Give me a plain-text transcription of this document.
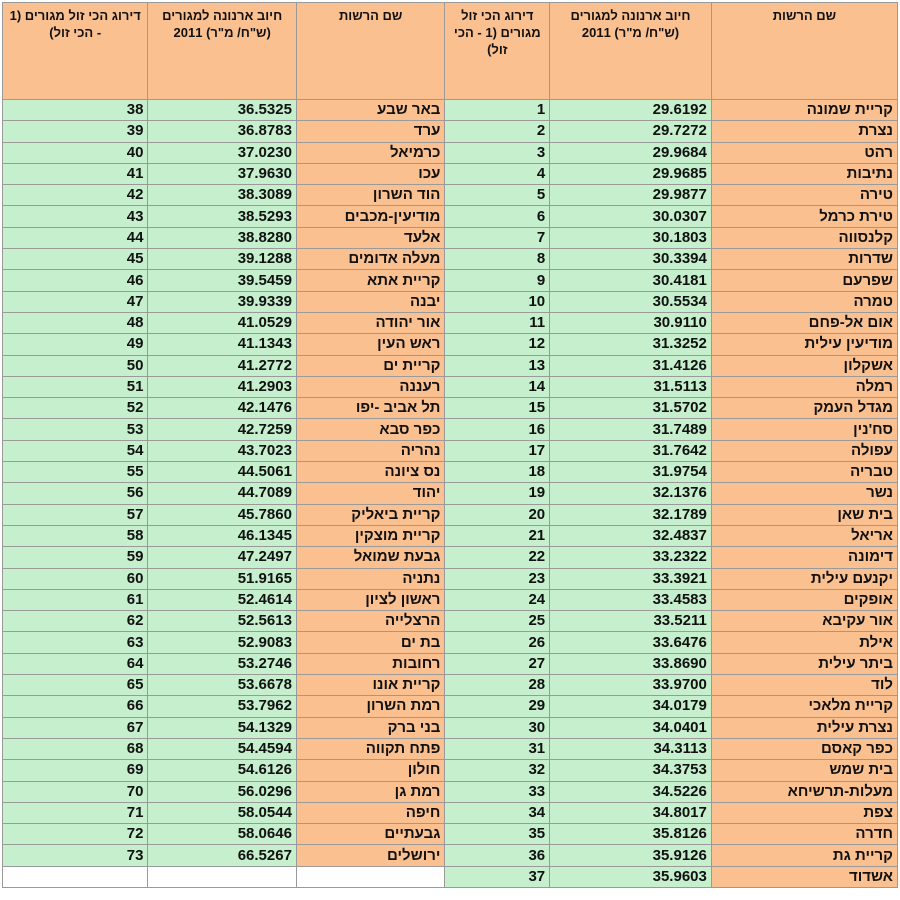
דירוג הכי זול מגורים (1 - הכי זול)	חיוב ארנונה למגורים (ש"ח/ מ"ר) 2011	שם הרשות	דירוג הכי זול מגורים (1 - הכי זול)	חיוב ארנונה למגורים (ש"ח/ מ"ר) 2011	שם הרשות
38	36.5325	באר שבע	1	29.6192	קריית שמונה
39	36.8783	ערד	2	29.7272	נצרת
40	37.0230	כרמיאל	3	29.9684	רהט
41	37.9630	עכו	4	29.9685	נתיבות
42	38.3089	הוד השרון	5	29.9877	טירה
43	38.5293	מודיעין-מכבים	6	30.0307	טירת כרמל
44	38.8280	אלעד	7	30.1803	קלנסווה
45	39.1288	מעלה אדומים	8	30.3394	שדרות
46	39.5459	קריית אתא	9	30.4181	שפרעם
47	39.9339	יבנה	10	30.5534	טמרה
48	41.0529	אור יהודה	11	30.9110	אום אל-פחם
49	41.1343	ראש העין	12	31.3252	מודיעין עילית
50	41.2772	קריית ים	13	31.4126	אשקלון
51	41.2903	רעננה	14	31.5113	רמלה
52	42.1476	תל אביב -יפו	15	31.5702	מגדל העמק
53	42.7259	כפר סבא	16	31.7489	סח'נין
54	43.7023	נהריה	17	31.7642	עפולה
55	44.5061	נס ציונה	18	31.9754	טבריה
56	44.7089	יהוד	19	32.1376	נשר
57	45.7860	קריית ביאליק	20	32.1789	בית שאן
58	46.1345	קריית מוצקין	21	32.4837	אריאל
59	47.2497	גבעת שמואל	22	33.2322	דימונה
60	51.9165	נתניה	23	33.3921	יקנעם עילית
61	52.4614	ראשון לציון	24	33.4583	אופקים
62	52.5613	הרצלייה	25	33.5211	אור עקיבא
63	52.9083	בת ים	26	33.6476	אילת
64	53.2746	רחובות	27	33.8690	ביתר עילית
65	53.6678	קריית אונו	28	33.9700	לוד
66	53.7962	רמת השרון	29	34.0179	קריית מלאכי
67	54.1329	בני ברק	30	34.0401	נצרת עילית
68	54.4594	פתח תקווה	31	34.3113	כפר קאסם
69	54.6126	חולון	32	34.3753	בית שמש
70	56.0296	רמת גן	33	34.5226	מעלות-תרשיחא
71	58.0544	חיפה	34	34.8017	צפת
72	58.0646	גבעתיים	35	35.8126	חדרה
73	66.5267	ירושלים	36	35.9126	קריית גת
			37	35.9603	אשדוד
